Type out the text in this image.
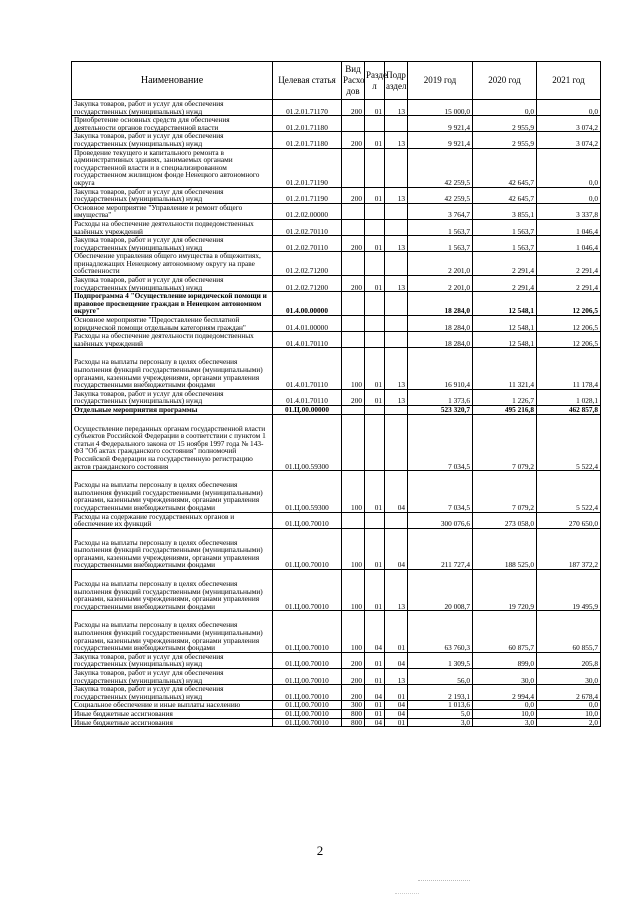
Наименование	Целевая статья	Вид Расхо дов	Разде л	Подр аздел	2019 год	2020 год	2021 год
Закупка товаров, работ и услуг для обеспечения государственных (муниципальных) нужд	01.2.01.71170	200	01	13	15 000,0	0,0	0,0
Приобретение основных средств для обеспечения деятельности органов государственной власти	01.2.01.71180				9 921,4	2 955,9	3 074,2
Закупка товаров, работ и услуг для обеспечения государственных (муниципальных) нужд	01.2.01.71180	200	01	13	9 921,4	2 955,9	3 074,2
Проведение текущего и капитального ремонта в административных зданиях, занимаемых органами государственной власти и в специализированном государственном жилищном фонде Ненецкого автономного округа	01.2.01.71190				42 259,5	42 645,7	0,0
Закупка товаров, работ и услуг для обеспечения государственных (муниципальных) нужд	01.2.01.71190	200	01	13	42 259,5	42 645,7	0,0
Основное мероприятие "Управление и ремонт общего имущества"	01.2.02.00000				3 764,7	3 855,1	3 337,8
Расходы на обеспечение деятельности подведомственных казённых учреждений	01.2.02.70110				1 563,7	1 563,7	1 046,4
Закупка товаров, работ и услуг для обеспечения государственных (муниципальных) нужд	01.2.02.70110	200	01	13	1 563,7	1 563,7	1 046,4
Обеспечение управления общего имущества в общежитиях, принадлежащих Ненецкому автономному округу на праве собственности	01.2.02.71200				2 201,0	2 291,4	2 291,4
Закупка товаров, работ и услуг для обеспечения государственных (муниципальных) нужд	01.2.02.71200	200	01	13	2 201,0	2 291,4	2 291,4
Подпрограмма 4 "Осуществление юридической помощи и правовое просвещение граждан в Ненецком автономном округе"	01.4.00.00000				18 284,0	12 548,1	12 206,5
Основное мероприятие "Предоставление бесплатной юридической помощи отдельным категориям граждан"	01.4.01.00000				18 284,0	12 548,1	12 206,5
Расходы на обеспечение деятельности подведомственных казённых учреждений	01.4.01.70110				18 284,0	12 548,1	12 206,5
Расходы на выплаты персоналу в целях обеспечения выполнения функций государственными (муниципальными) органами, казенными учреждениями, органами управления государственными внебюджетными фондами	01.4.01.70110	100	01	13	16 910,4	11 321,4	11 178,4
Закупка товаров, работ и услуг для обеспечения государственных (муниципальных) нужд	01.4.01.70110	200	01	13	1 373,6	1 226,7	1 028,1
Отдельные мероприятия программы	01.Ц.00.00000				523 320,7	495 216,8	462 857,8
Осуществление переданных органам государственной власти субъектов Российской Федерации в соответствии с пунктом 1 статьи 4 Федерального закона от 15 ноября 1997 года № 143-ФЗ "Об актах гражданского состояния" полномочий Российской Федерации на государственную регистрацию актов гражданского состояния	01.Ц.00.59300				7 034,5	7 079,2	5 522,4
Расходы на выплаты персоналу в целях обеспечения выполнения функций государственными (муниципальными) органами, казенными учреждениями, органами управления государственными внебюджетными фондами	01.Ц.00.59300	100	01	04	7 034,5	7 079,2	5 522,4
Расходы на содержание государственных органов и обеспечение их функций	01.Ц.00.70010				300 076,6	273 058,0	270 650,0
Расходы на выплаты персоналу в целях обеспечения выполнения функций государственными (муниципальными) органами, казенными учреждениями, органами управления государственными внебюджетными фондами	01.Ц.00.70010	100	01	04	211 727,4	188 525,0	187 372,2
Расходы на выплаты персоналу в целях обеспечения выполнения функций государственными (муниципальными) органами, казенными учреждениями, органами управления государственными внебюджетными фондами	01.Ц.00.70010	100	01	13	20 008,7	19 720,9	19 495,9
Расходы на выплаты персоналу в целях обеспечения выполнения функций государственными (муниципальными) органами, казенными учреждениями, органами управления государственными внебюджетными фондами	01.Ц.00.70010	100	04	01	63 760,3	60 875,7	60 855,7
Закупка товаров, работ и услуг для обеспечения государственных (муниципальных) нужд	01.Ц.00.70010	200	01	04	1 309,5	899,0	205,8
Закупка товаров, работ и услуг для обеспечения государственных (муниципальных) нужд	01.Ц.00.70010	200	01	13	56,0	30,0	30,0
Закупка товаров, работ и услуг для обеспечения государственных (муниципальных) нужд	01.Ц.00.70010	200	04	01	2 193,1	2 994,4	2 678,4
Социальное обеспечение и иные выплаты населению	01.Ц.00.70010	300	01	04	1 013,6	0,0	0,0
Иные бюджетные ассигнования	01.Ц.00.70010	800	01	04	5,0	10,0	10,0
Иные бюджетные ассигнования	01.Ц.00.70010	800	04	01	3,0	3,0	2,0
2
